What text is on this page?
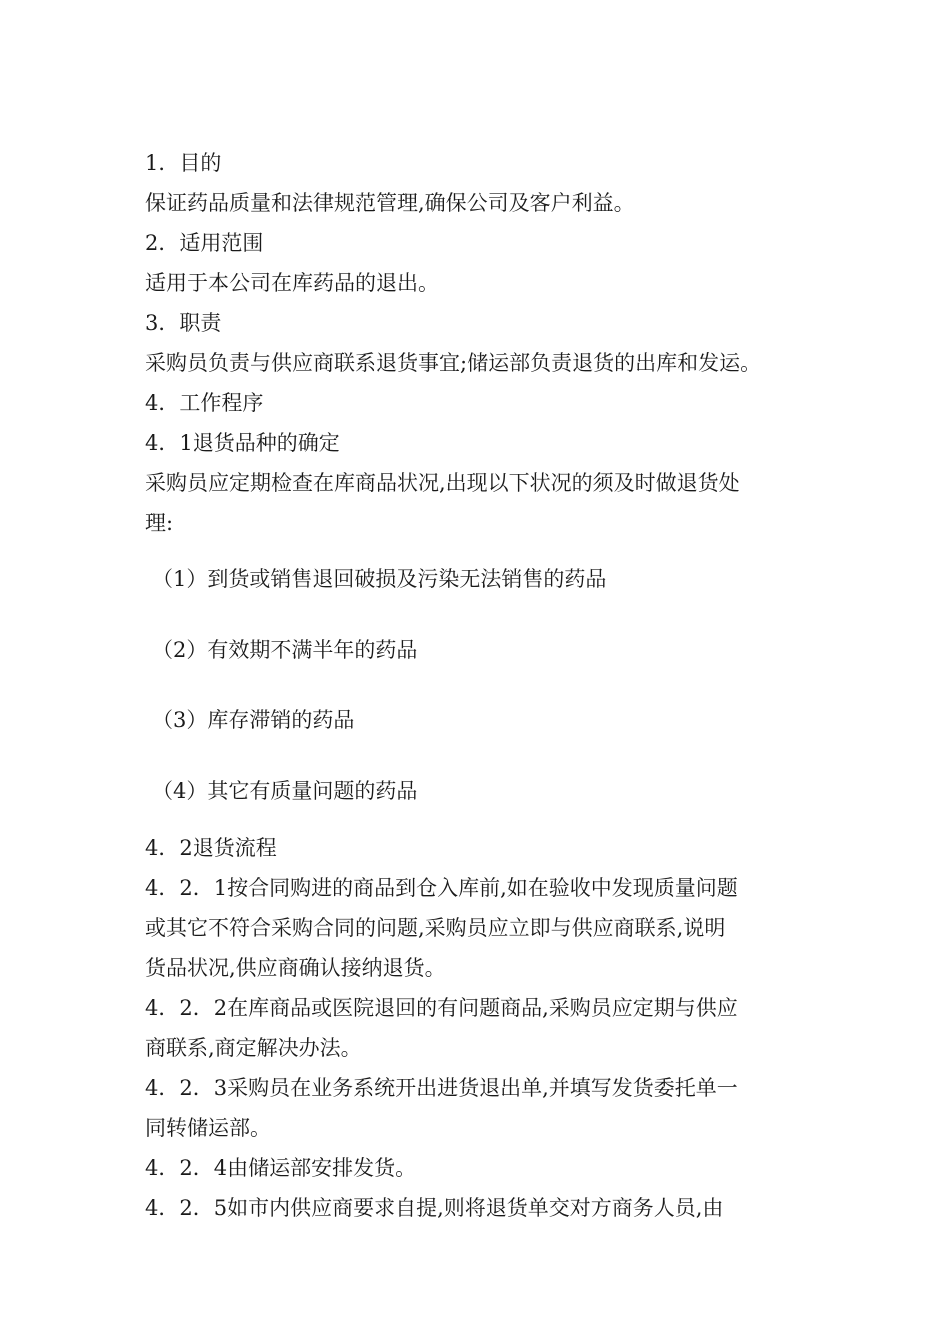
1．目的
保证药品质量和法律规范管理,确保公司及客户利益。
2．适用范围
适用于本公司在库药品的退出。
3．职责
采购员负责与供应商联系退货事宜;储运部负责退货的出库和发运。
4．工作程序
4．1退货品种的确定
采购员应定期检查在库商品状况,出现以下状况的须及时做退货处
理:
（1）到货或销售退回破损及污染无法销售的药品
（2）有效期不满半年的药品
（3）库存滞销的药品
（4）其它有质量问题的药品
4．2退货流程
4．2．1按合同购进的商品到仓入库前,如在验收中发现质量问题
或其它不符合采购合同的问题,采购员应立即与供应商联系,说明
货品状况,供应商确认接纳退货。
4．2．2在库商品或医院退回的有问题商品,采购员应定期与供应
商联系,商定解决办法。
4．2．3采购员在业务系统开出进货退出单,并填写发货委托单一
同转储运部。
4．2．4由储运部安排发货。
4．2．5如市内供应商要求自提,则将退货单交对方商务人员,由
